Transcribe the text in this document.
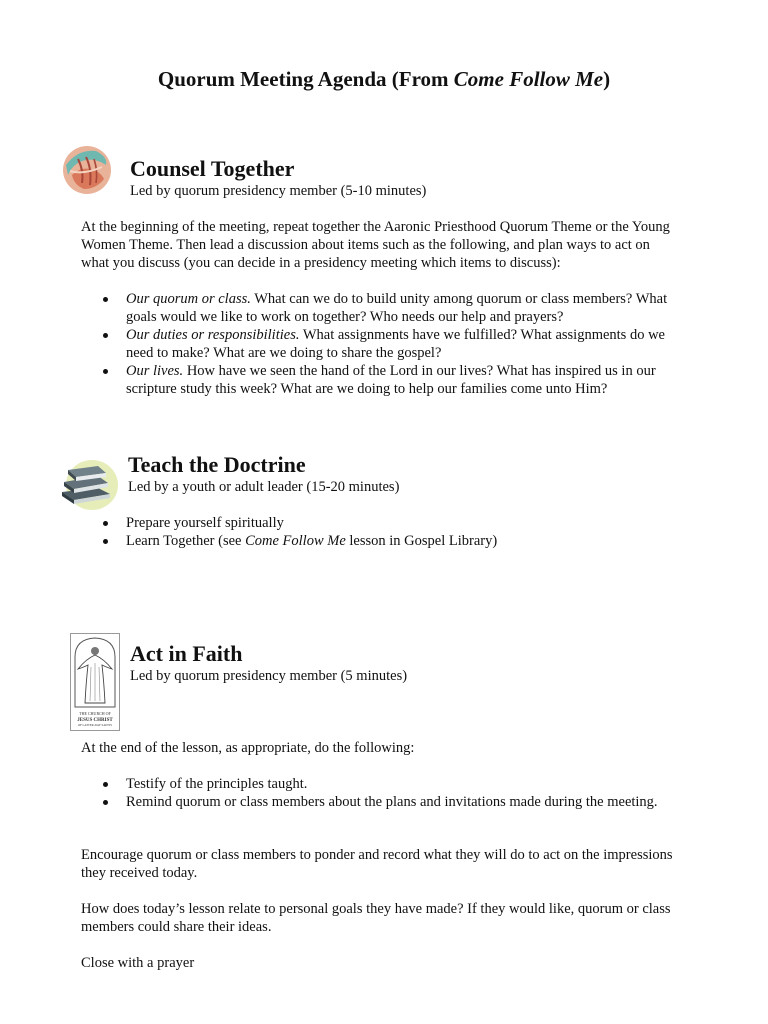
Quorum Meeting Agenda (From Come Follow Me)
Counsel Together
Led by quorum presidency member (5-10 minutes)
At the beginning of the meeting, repeat together the Aaronic Priesthood Quorum Theme or the Young Women Theme. Then lead a discussion about items such as the following, and plan ways to act on what you discuss (you can decide in a presidency meeting which items to discuss):
Our quorum or class. What can we do to build unity among quorum or class members? What goals would we like to work on together? Who needs our help and prayers?
Our duties or responsibilities. What assignments have we fulfilled? What assignments do we need to make? What are we doing to share the gospel?
Our lives. How have we seen the hand of the Lord in our lives? What has inspired us in our scripture study this week? What are we doing to help our families come unto Him?
Teach the Doctrine
Led by a youth or adult leader (15-20 minutes)
Prepare yourself spiritually
Learn Together (see Come Follow Me lesson in Gospel Library)
THE CHURCH OF
JESUS CHRIST
OF LATTER-DAY SAINTS
Act in Faith
Led by quorum presidency member (5 minutes)
At the end of the lesson, as appropriate, do the following:
Testify of the principles taught.
Remind quorum or class members about the plans and invitations made during the meeting.
Encourage quorum or class members to ponder and record what they will do to act on the impressions they received today.
How does today’s lesson relate to personal goals they have made? If they would like, quorum or class members could share their ideas.
Close with a prayer
